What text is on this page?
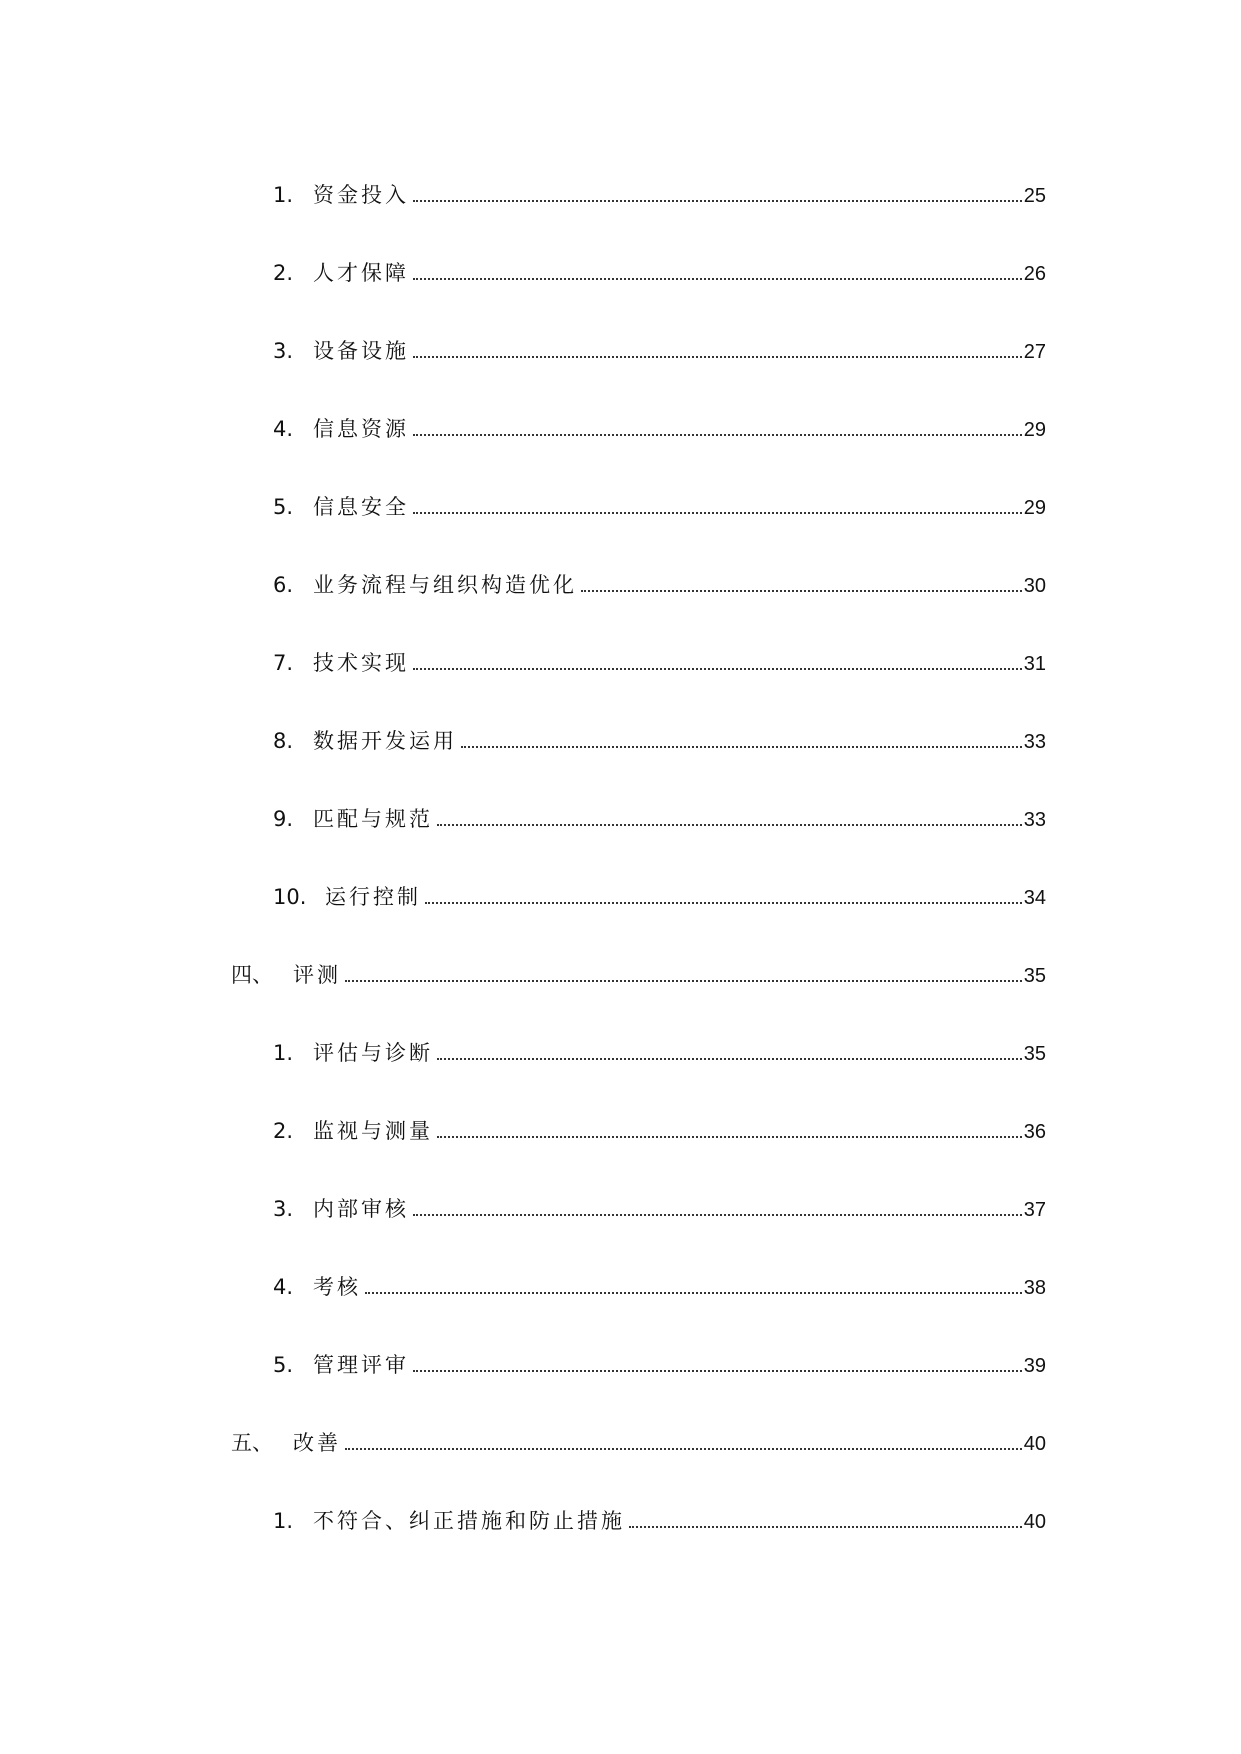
1. 资金投入	25
2. 人才保障	26
3. 设备设施	27
4. 信息资源	29
5. 信息安全	29
6. 业务流程与组织构造优化	30
7. 技术实现	31
8. 数据开发运用	33
9. 匹配与规范	33
10. 运行控制	34
四、 评测	35
1. 评估与诊断	35
2. 监视与测量	36
3. 内部审核	37
4. 考核	38
5. 管理评审	39
五、 改善	40
1. 不符合、纠正措施和防止措施	40
